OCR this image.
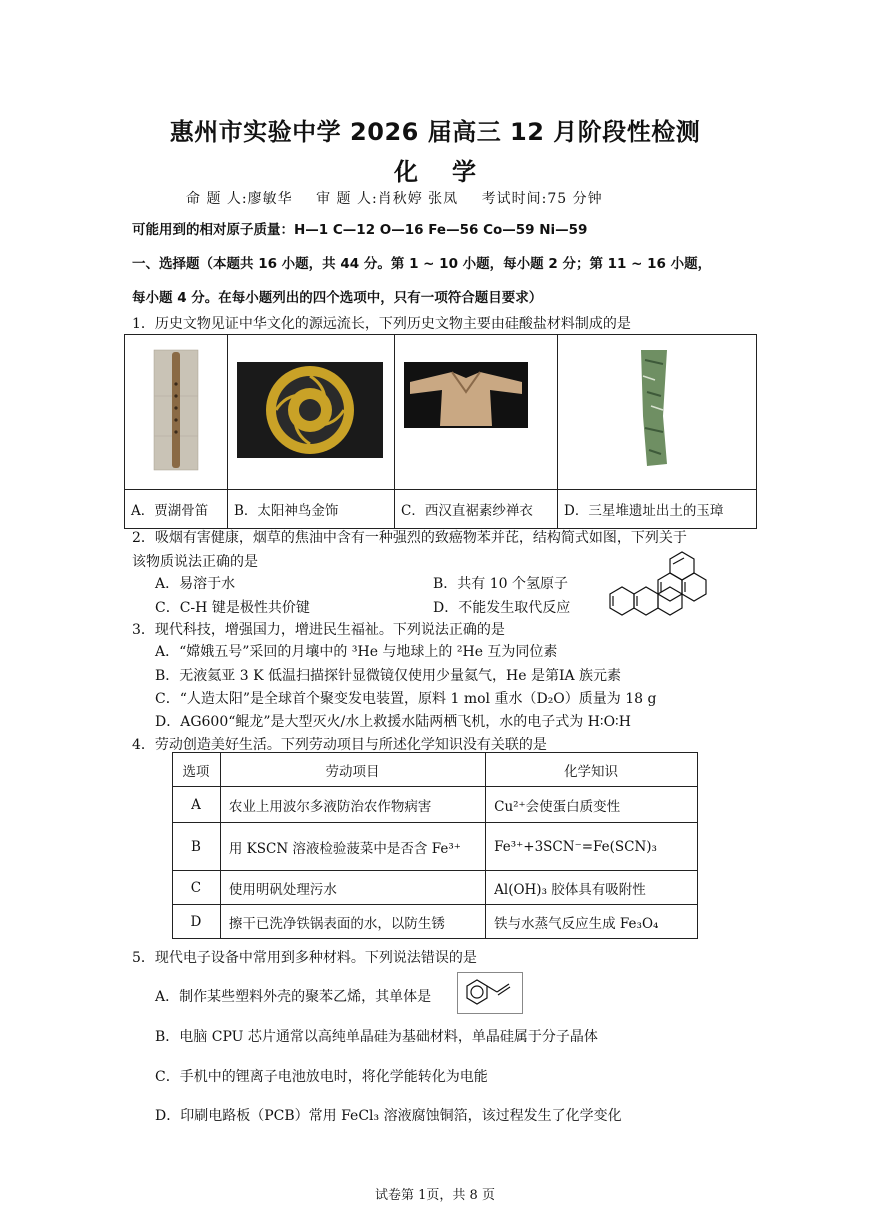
惠州市实验中学 2026 届高三 12 月阶段性检测
化学
命 题 人:廖敏华 审 题 人:肖秋婷 张凤 考试时间:75 分钟
可能用到的相对原子质量：H—1 C—12 O—16 Fe—56 Co—59 Ni—59
一、选择题（本题共 16 小题，共 44 分。第 1 ~ 10 小题，每小题 2 分；第 11 ~ 16 小题，
每小题 4 分。在每小题列出的四个选项中，只有一项符合题目要求）
1．历史文物见证中华文化的源远流长，下列历史文物主要由硅酸盐材料制成的是

A．贾湖骨笛	B．太阳神鸟金饰	C．西汉直裾素纱禅衣	D．三星堆遗址出土的玉璋
2．吸烟有害健康，烟草的焦油中含有一种强烈的致癌物苯并芘，结构简式如图，下列关于
该物质说法正确的是
A．易溶于水	B．共有 10 个氢原子
C．C-H 键是极性共价键	D．不能发生取代反应
3．现代科技，增强国力，增进民生福祉。下列说法正确的是
A．“嫦娥五号”采回的月壤中的 ³He 与地球上的 ²He 互为同位素
B．无液氦亚 3 K 低温扫描探针显微镜仅使用少量氦气，He 是第ⅠA 族元素
C．“人造太阳”是全球首个聚变发电装置，原料 1 mol 重水（D₂O）质量为 18 g
D．AG600“鲲龙”是大型灭火/水上救援水陆两栖飞机，水的电子式为 H∶O∶H
4．劳动创造美好生活。下列劳动项目与所述化学知识没有关联的是
选项	劳动项目	化学知识
A	农业上用波尔多液防治农作物病害	Cu²⁺会使蛋白质变性
B	用 KSCN 溶液检验菠菜中是否含 Fe³⁺	Fe³⁺+3SCN⁻=Fe(SCN)₃
C	使用明矾处理污水	Al(OH)₃ 胶体具有吸附性
D	擦干已洗净铁锅表面的水，以防生锈	铁与水蒸气反应生成 Fe₃O₄
5．现代电子设备中常用到多种材料。下列说法错误的是
A．制作某些塑料外壳的聚苯乙烯，其单体是
B．电脑 CPU 芯片通常以高纯单晶硅为基础材料，单晶硅属于分子晶体
C．手机中的锂离子电池放电时，将化学能转化为电能
D．印刷电路板（PCB）常用 FeCl₃ 溶液腐蚀铜箔，该过程发生了化学变化
试卷第 1页，共 8 页
